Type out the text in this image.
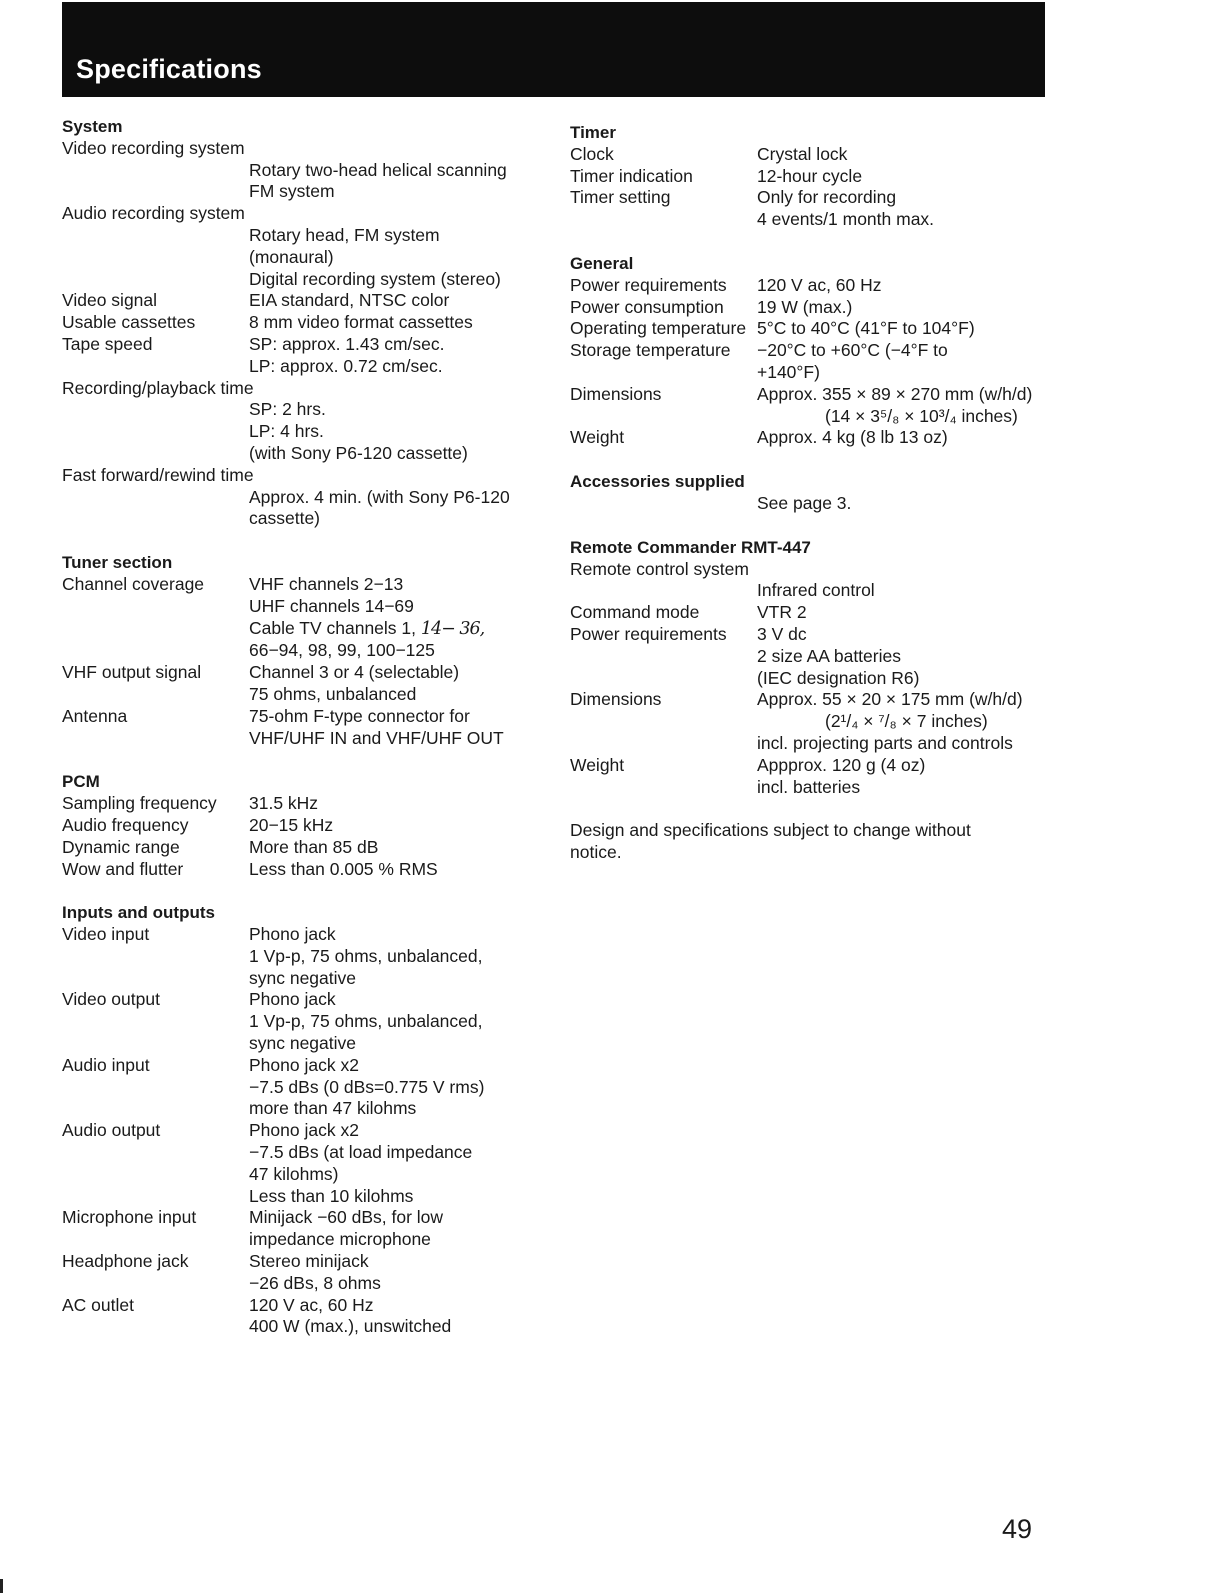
Specifications
System
Video recording system
Rotary two-head helical scanning
FM system
Audio recording system
Rotary head, FM system
(monaural)
Digital recording system (stereo)
Video signal	EIA standard, NTSC color
Usable cassettes	8 mm video format cassettes
Tape speed	SP: approx. 1.43 cm/sec.
LP: approx. 0.72 cm/sec.
Recording/playback time
SP: 2 hrs.
LP: 4 hrs.
(with Sony P6-120 cassette)
Fast forward/rewind time
Approx. 4 min. (with Sony P6-120
cassette)
Tuner section
Channel coverage	VHF channels 2−13
UHF channels 14−69
Cable TV channels 1, 14− 36,
66−94, 98, 99, 100−125
VHF output signal	Channel 3 or 4 (selectable)
75 ohms, unbalanced
Antenna	75-ohm F-type connector for
VHF/UHF IN and VHF/UHF OUT
PCM
Sampling frequency	31.5 kHz
Audio frequency	20−15 kHz
Dynamic range	More than 85 dB
Wow and flutter	Less than 0.005 % RMS
Inputs and outputs
Video input	Phono jack
1 Vp-p, 75 ohms, unbalanced,
sync negative
Video output	Phono jack
1 Vp-p, 75 ohms, unbalanced,
sync negative
Audio input	Phono jack x2
−7.5 dBs (0 dBs=0.775 V rms)
more than 47 kilohms
Audio output	Phono jack x2
−7.5 dBs (at load impedance
47 kilohms)
Less than 10 kilohms
Microphone input	Minijack −60 dBs, for low
impedance microphone
Headphone jack	Stereo minijack
−26 dBs, 8 ohms
AC outlet	120 V ac, 60 Hz
400 W (max.), unswitched
Timer
Clock	Crystal lock
Timer indication	12-hour cycle
Timer setting	Only for recording
4 events/1 month max.
General
Power requirements	120 V ac, 60 Hz
Power consumption	19 W (max.)
Operating temperature 5°C to 40°C (41°F to 104°F)
Storage temperature	−20°C to +60°C (−4°F to
+140°F)
Dimensions	Approx. 355 × 89 × 270 mm (w/h/d)
(14 × 3⁵/₈ × 10³/₄ inches)
Weight	Approx. 4 kg (8 lb 13 oz)
Accessories supplied
See page 3.
Remote Commander RMT-447
Remote control system
Infrared control
Command mode	VTR 2
Power requirements	3 V dc
2 size AA batteries
(IEC designation R6)
Dimensions	Approx. 55 × 20 × 175 mm (w/h/d)
(2¹/₄ × ⁷/₈ × 7 inches)
incl. projecting parts and controls
Weight	Appprox. 120 g (4 oz)
incl. batteries
Design and specifications subject to change without notice.
49
